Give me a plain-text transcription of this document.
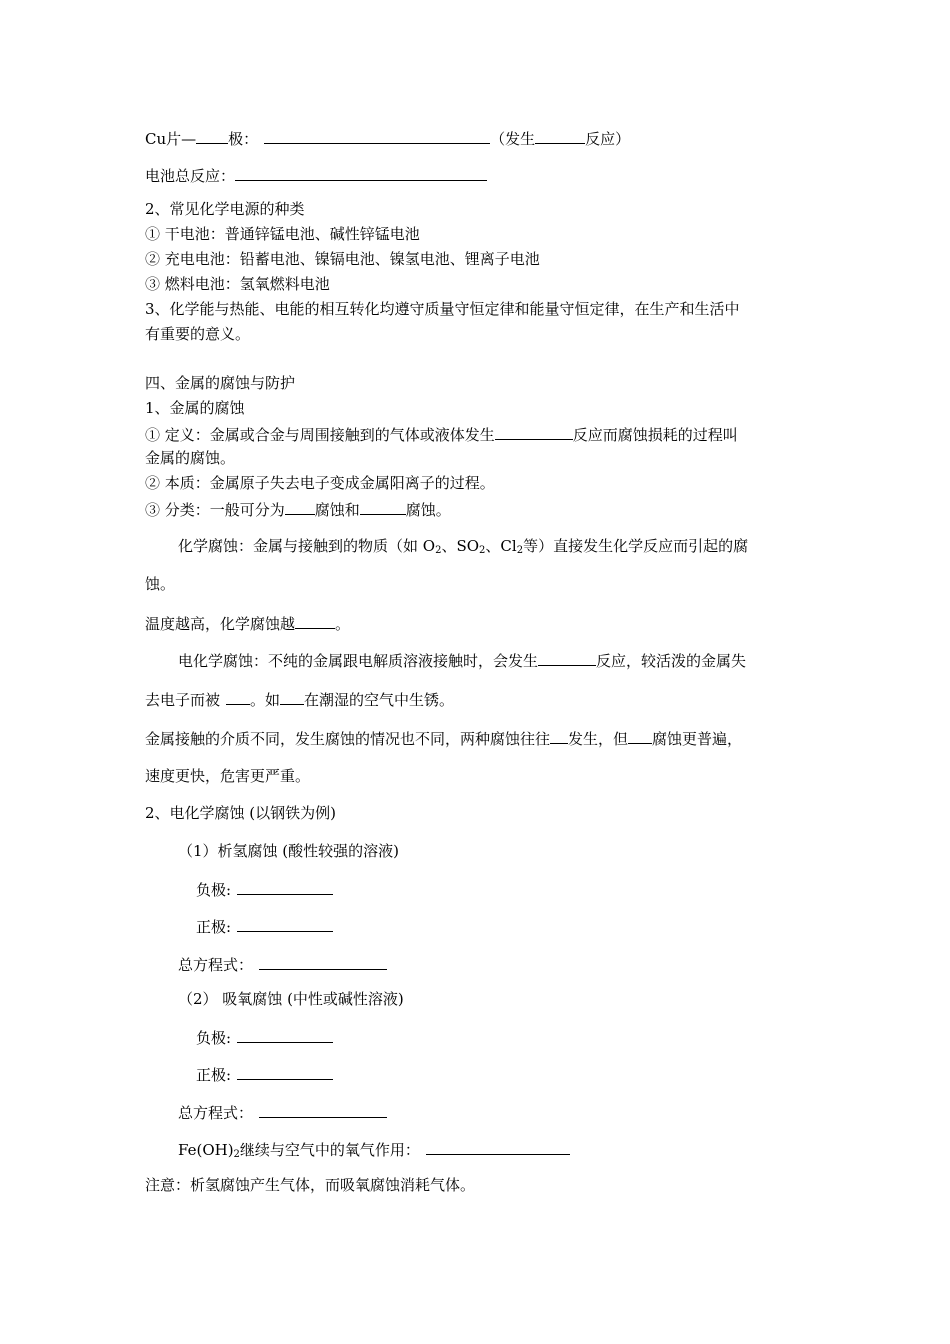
Cu片— 极：	（发生	反应）
电池总反应：
2、常见化学电源的种类
① 干电池：普通锌锰电池、碱性锌锰电池
② 充电电池：铅蓄电池、镍镉电池、镍氢电池、锂离子电池
③ 燃料电池：氢氧燃料电池
3、化学能与热能、电能的相互转化均遵守质量守恒定律和能量守恒定律，在生产和生活中
有重要的意义。
四、金属的腐蚀与防护
1、金属的腐蚀
① 定义：金属或合金与周围接触到的气体或液体发生	反应而腐蚀损耗的过程叫
金属的腐蚀。
② 本质：金属原子失去电子变成金属阳离子的过程。
③ 分类：一般可分为 腐蚀和	腐蚀。
化学腐蚀：金属与接触到的物质（如 $O_2$、$SO_2$、$Cl_2$等）直接发生化学反应而引起的腐
蚀。
温度越高，化学腐蚀越	。
电化学腐蚀：不纯的金属跟电解质溶液接触时，会发生	反应，较活泼的金属失
去电子而被 。如 在潮湿的空气中生锈。
金属接触的介质不同，发生腐蚀的情况也不同，两种腐蚀往往 发生，但 腐蚀更普遍，
速度更快，危害更严重。
2、电化学腐蚀 (以钢铁为例)
（1）析氢腐蚀 (酸性较强的溶液)
负极:
正极:
总方程式：
（2） 吸氧腐蚀 (中性或碱性溶液)
负极:
正极:
总方程式：
$Fe(OH)_2$继续与空气中的氧气作用：
注意：析氢腐蚀产生气体，而吸氧腐蚀消耗气体。
